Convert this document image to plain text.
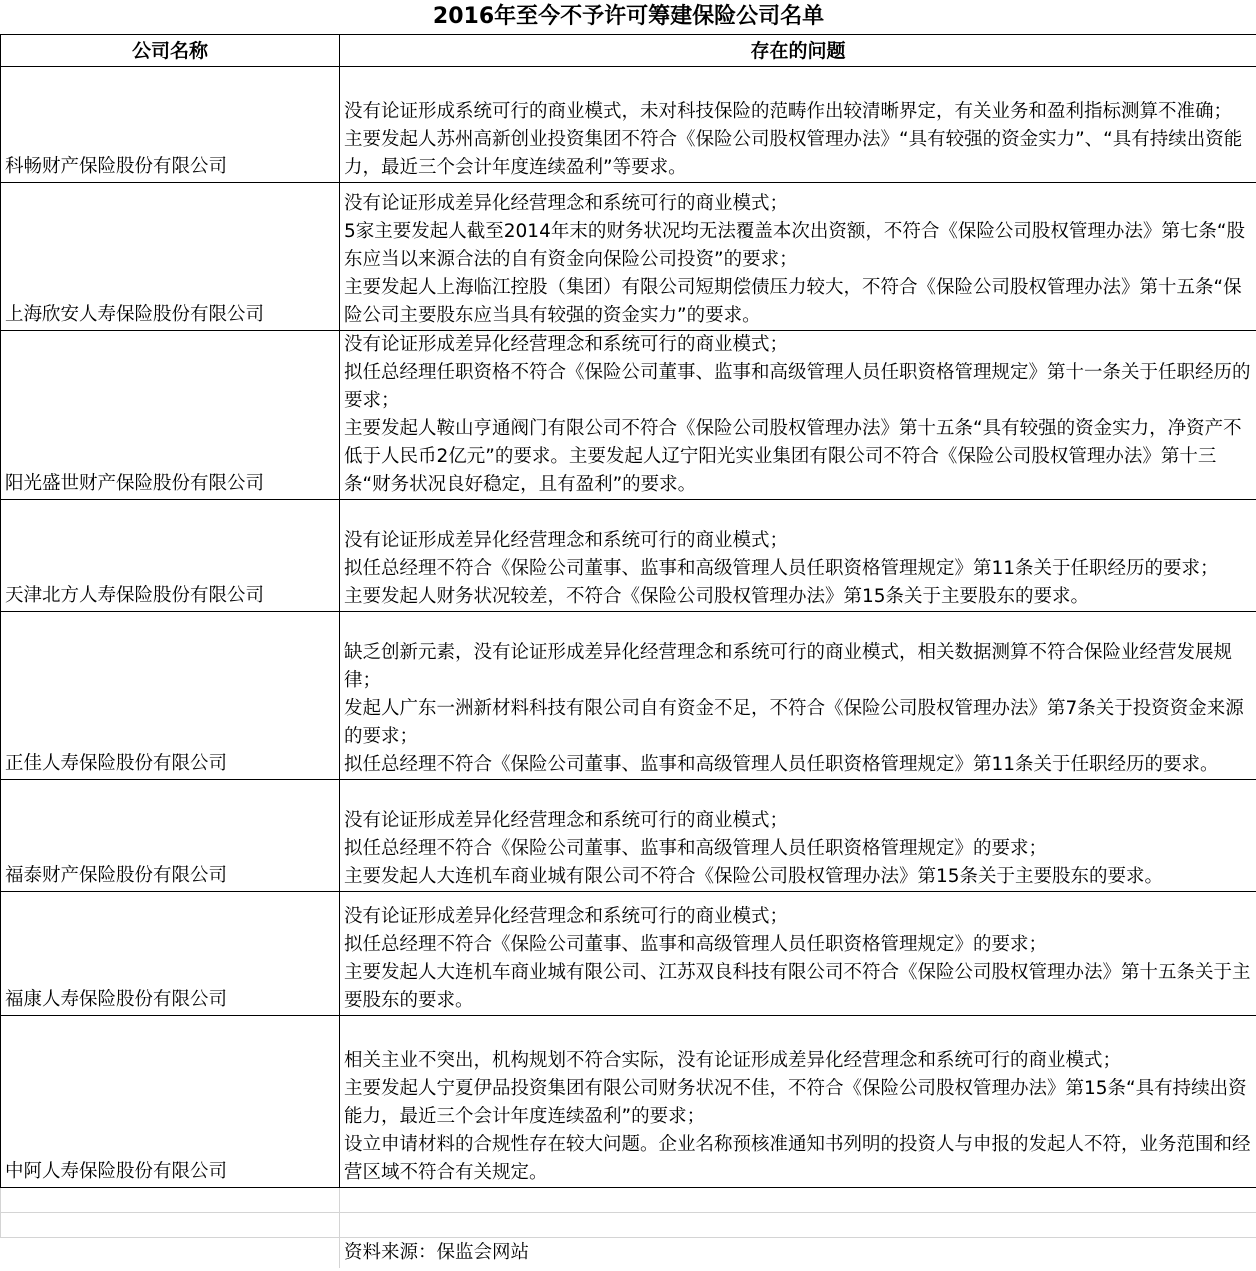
2016年至今不予许可筹建保险公司名单	
公司名称	存在的问题
科畅财产保险股份有限公司	没有论证形成系统可行的商业模式，未对科技保险的范畴作出较清晰界定，有关业务和盈利指标测算不准确；
主要发起人苏州高新创业投资集团不符合《保险公司股权管理办法》“具有较强的资金实力”、“具有持续出资能力，最近三个会计年度连续盈利”等要求。

上海欣安人寿保险股份有限公司	没有论证形成差异化经营理念和系统可行的商业模式；
5家主要发起人截至2014年末的财务状况均无法覆盖本次出资额，不符合《保险公司股权管理办法》第七条“股东应当以来源合法的自有资金向保险公司投资”的要求；
主要发起人上海临江控股（集团）有限公司短期偿债压力较大，不符合《保险公司股权管理办法》第十五条“保险公司主要股东应当具有较强的资金实力”的要求。

阳光盛世财产保险股份有限公司	没有论证形成差异化经营理念和系统可行的商业模式；
拟任总经理任职资格不符合《保险公司董事、监事和高级管理人员任职资格管理规定》第十一条关于任职经历的要求；
主要发起人鞍山亨通阀门有限公司不符合《保险公司股权管理办法》第十五条“具有较强的资金实力，净资产不低于人民币2亿元”的要求。主要发起人辽宁阳光实业集团有限公司不符合《保险公司股权管理办法》第十三条“财务状况良好稳定，且有盈利”的要求。

天津北方人寿保险股份有限公司	没有论证形成差异化经营理念和系统可行的商业模式；
拟任总经理不符合《保险公司董事、监事和高级管理人员任职资格管理规定》第11条关于任职经历的要求；
主要发起人财务状况较差，不符合《保险公司股权管理办法》第15条关于主要股东的要求。

正佳人寿保险股份有限公司	缺乏创新元素，没有论证形成差异化经营理念和系统可行的商业模式，相关数据测算不符合保险业经营发展规律；
发起人广东一洲新材料科技有限公司自有资金不足，不符合《保险公司股权管理办法》第7条关于投资资金来源的要求；
拟任总经理不符合《保险公司董事、监事和高级管理人员任职资格管理规定》第11条关于任职经历的要求。

福泰财产保险股份有限公司	没有论证形成差异化经营理念和系统可行的商业模式；
拟任总经理不符合《保险公司董事、监事和高级管理人员任职资格管理规定》的要求；
主要发起人大连机车商业城有限公司不符合《保险公司股权管理办法》第15条关于主要股东的要求。

福康人寿保险股份有限公司	没有论证形成差异化经营理念和系统可行的商业模式；
拟任总经理不符合《保险公司董事、监事和高级管理人员任职资格管理规定》的要求；
主要发起人大连机车商业城有限公司、江苏双良科技有限公司不符合《保险公司股权管理办法》第十五条关于主要股东的要求。

中阿人寿保险股份有限公司	相关主业不突出，机构规划不符合实际，没有论证形成差异化经营理念和系统可行的商业模式；
主要发起人宁夏伊品投资集团有限公司财务状况不佳，不符合《保险公司股权管理办法》第15条“具有持续出资能力，最近三个会计年度连续盈利”的要求；
设立申请材料的合规性存在较大问题。企业名称预核准通知书列明的投资人与申报的发起人不符，业务范围和经营区域不符合有关规定。

	资料来源：保监会网站
